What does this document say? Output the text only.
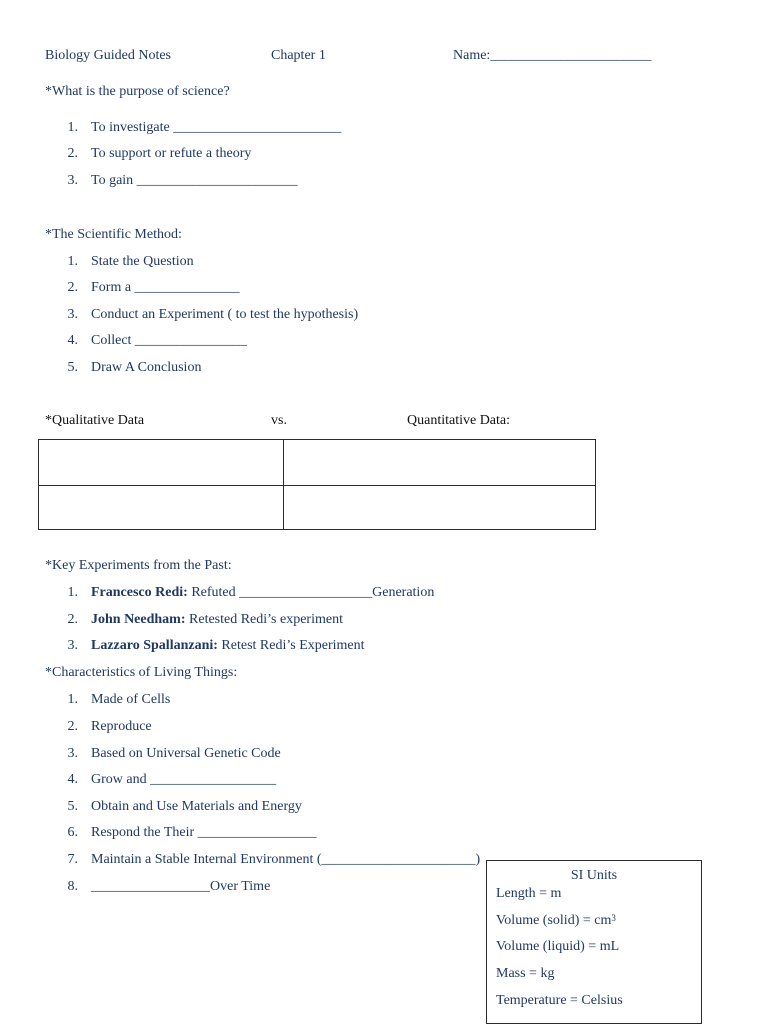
Biology Guided Notes	Chapter 1	Name:_______________________
*What is the purpose of science?
1. To investigate ________________________
2. To support or refute a theory
3. To gain _______________________
*The Scientific Method:
1. State the Question
2. Form a _______________
3. Conduct an Experiment ( to test the hypothesis)
4. Collect ________________
5. Draw A Conclusion
*Qualitative Data	vs.	Quantitative Data:
*Key Experiments from the Past:
1. Francesco Redi: Refuted ___________________Generation
2. John Needham: Retested Redi’s experiment
3. Lazzaro Spallanzani: Retest Redi’s Experiment
*Characteristics of Living Things:
1. Made of Cells
2. Reproduce
3. Based on Universal Genetic Code
4. Grow and __________________
5. Obtain and Use Materials and Energy
6. Respond the Their _________________
7. Maintain a Stable Internal Environment (______________________)
8. _________________Over Time
SI Units
Length = m
Volume (solid) = $cm^3$
Volume (liquid) = mL
Mass = kg
Temperature = Celsius
